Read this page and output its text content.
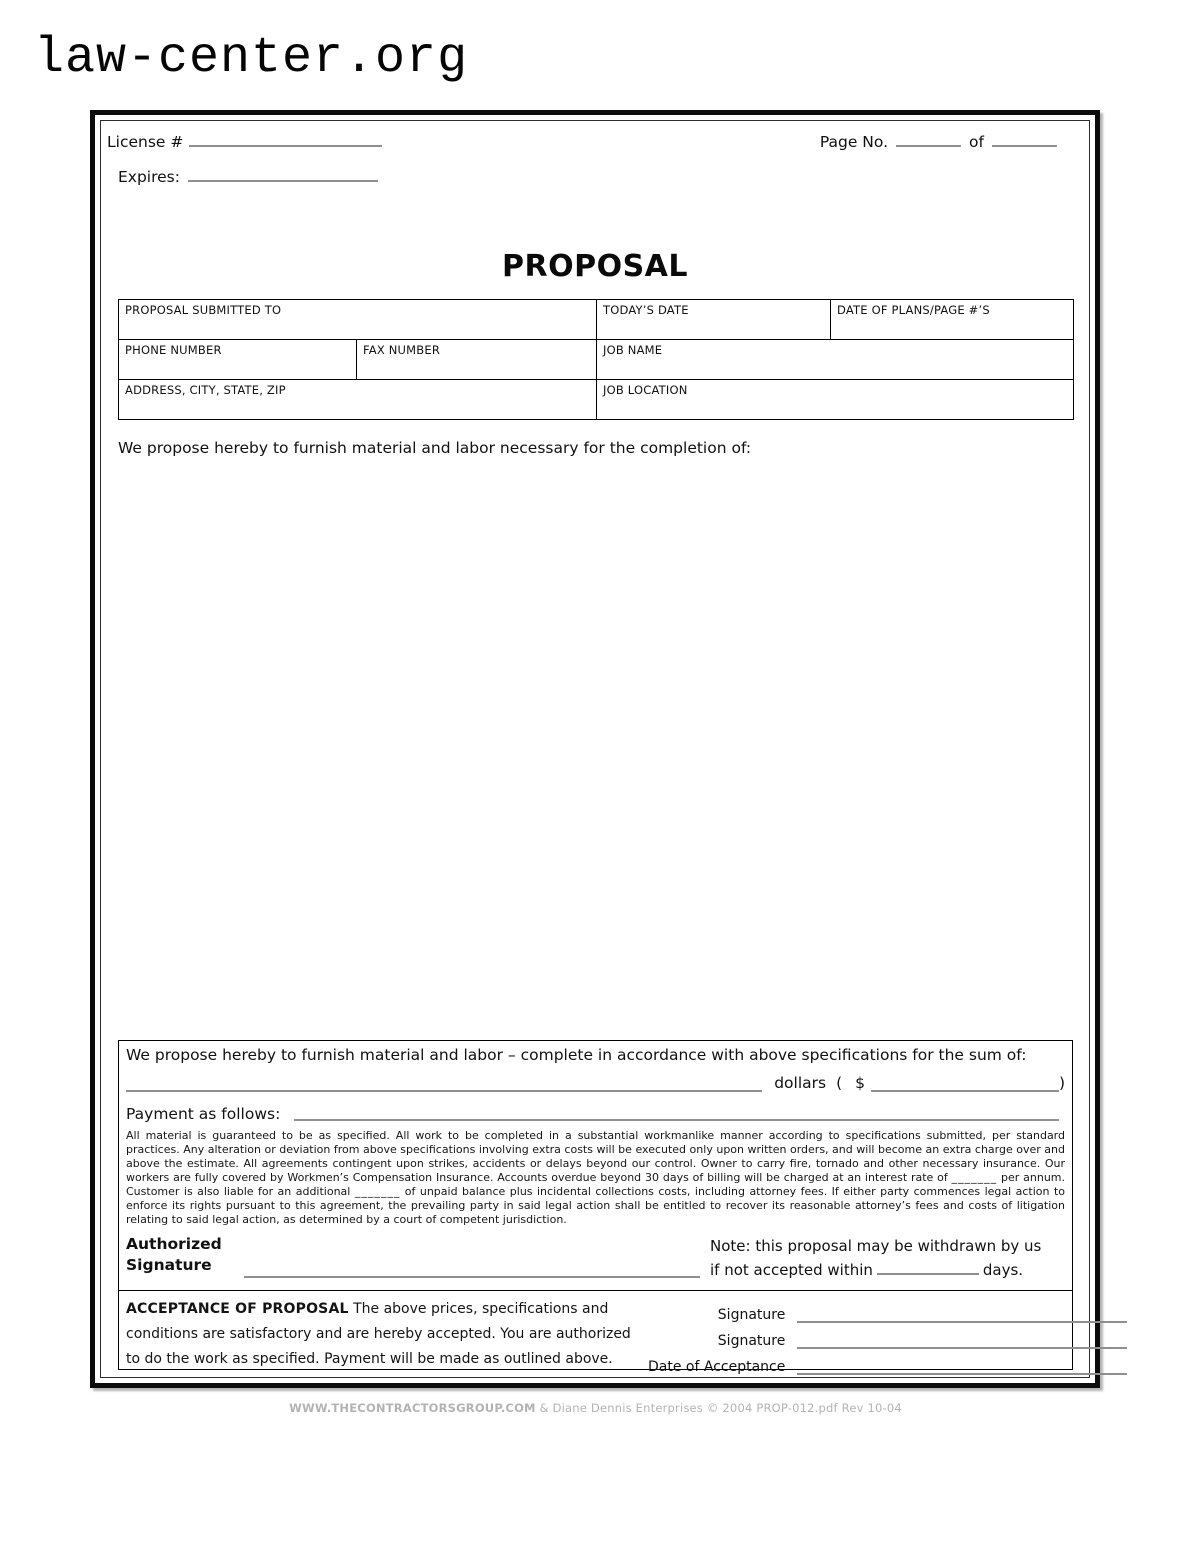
law-center.org
License #	Page No.	of
Expires:
PROPOSAL
PROPOSAL SUBMITTED TO		TODAY’S DATE	DATE OF PLANS/PAGE #’S
PHONE NUMBER	FAX NUMBER	JOB NAME	
ADDRESS, CITY, STATE, ZIP		JOB LOCATION	
We propose hereby to furnish material and labor necessary for the completion of:
We propose hereby to furnish material and labor – complete in accordance with above specifications for the sum of:
dollars ( $	)
Payment as follows:

All material is guaranteed to be as specified. All work to be completed in a substantial workmanlike manner according to specifications submitted, per standard practices. Any alteration or deviation from above specifications involving extra costs will be executed only upon written orders, and will become an extra charge over and above the estimate. All agreements contingent upon strikes, accidents or delays beyond our control. Owner to carry fire, tornado and other necessary insurance. Our workers are fully covered by Workmen’s Compensation Insurance. Accounts overdue beyond 30 days of billing will be charged at an interest rate of _______ per annum. Customer is also liable for an additional _______ of unpaid balance plus incidental collections costs, including attorney fees. If either party commences legal action to enforce its rights pursuant to this agreement, the prevailing party in said legal action shall be entitled to recover its reasonable attorney’s fees and costs of litigation relating to said legal action, as determined by a court of competent jurisdiction.

Authorized
Signature
Note: this proposal may be withdrawn by us
if not accepted within	days.

ACCEPTANCE OF PROPOSAL The above prices, specifications and conditions are satisfactory and are hereby accepted. You are authorized to do the work as specified. Payment will be made as outlined above.

Signature
Signature
Date of Acceptance
WWW.THECONTRACTORSGROUP.COM & Diane Dennis Enterprises © 2004 PROP-012.pdf Rev 10-04
